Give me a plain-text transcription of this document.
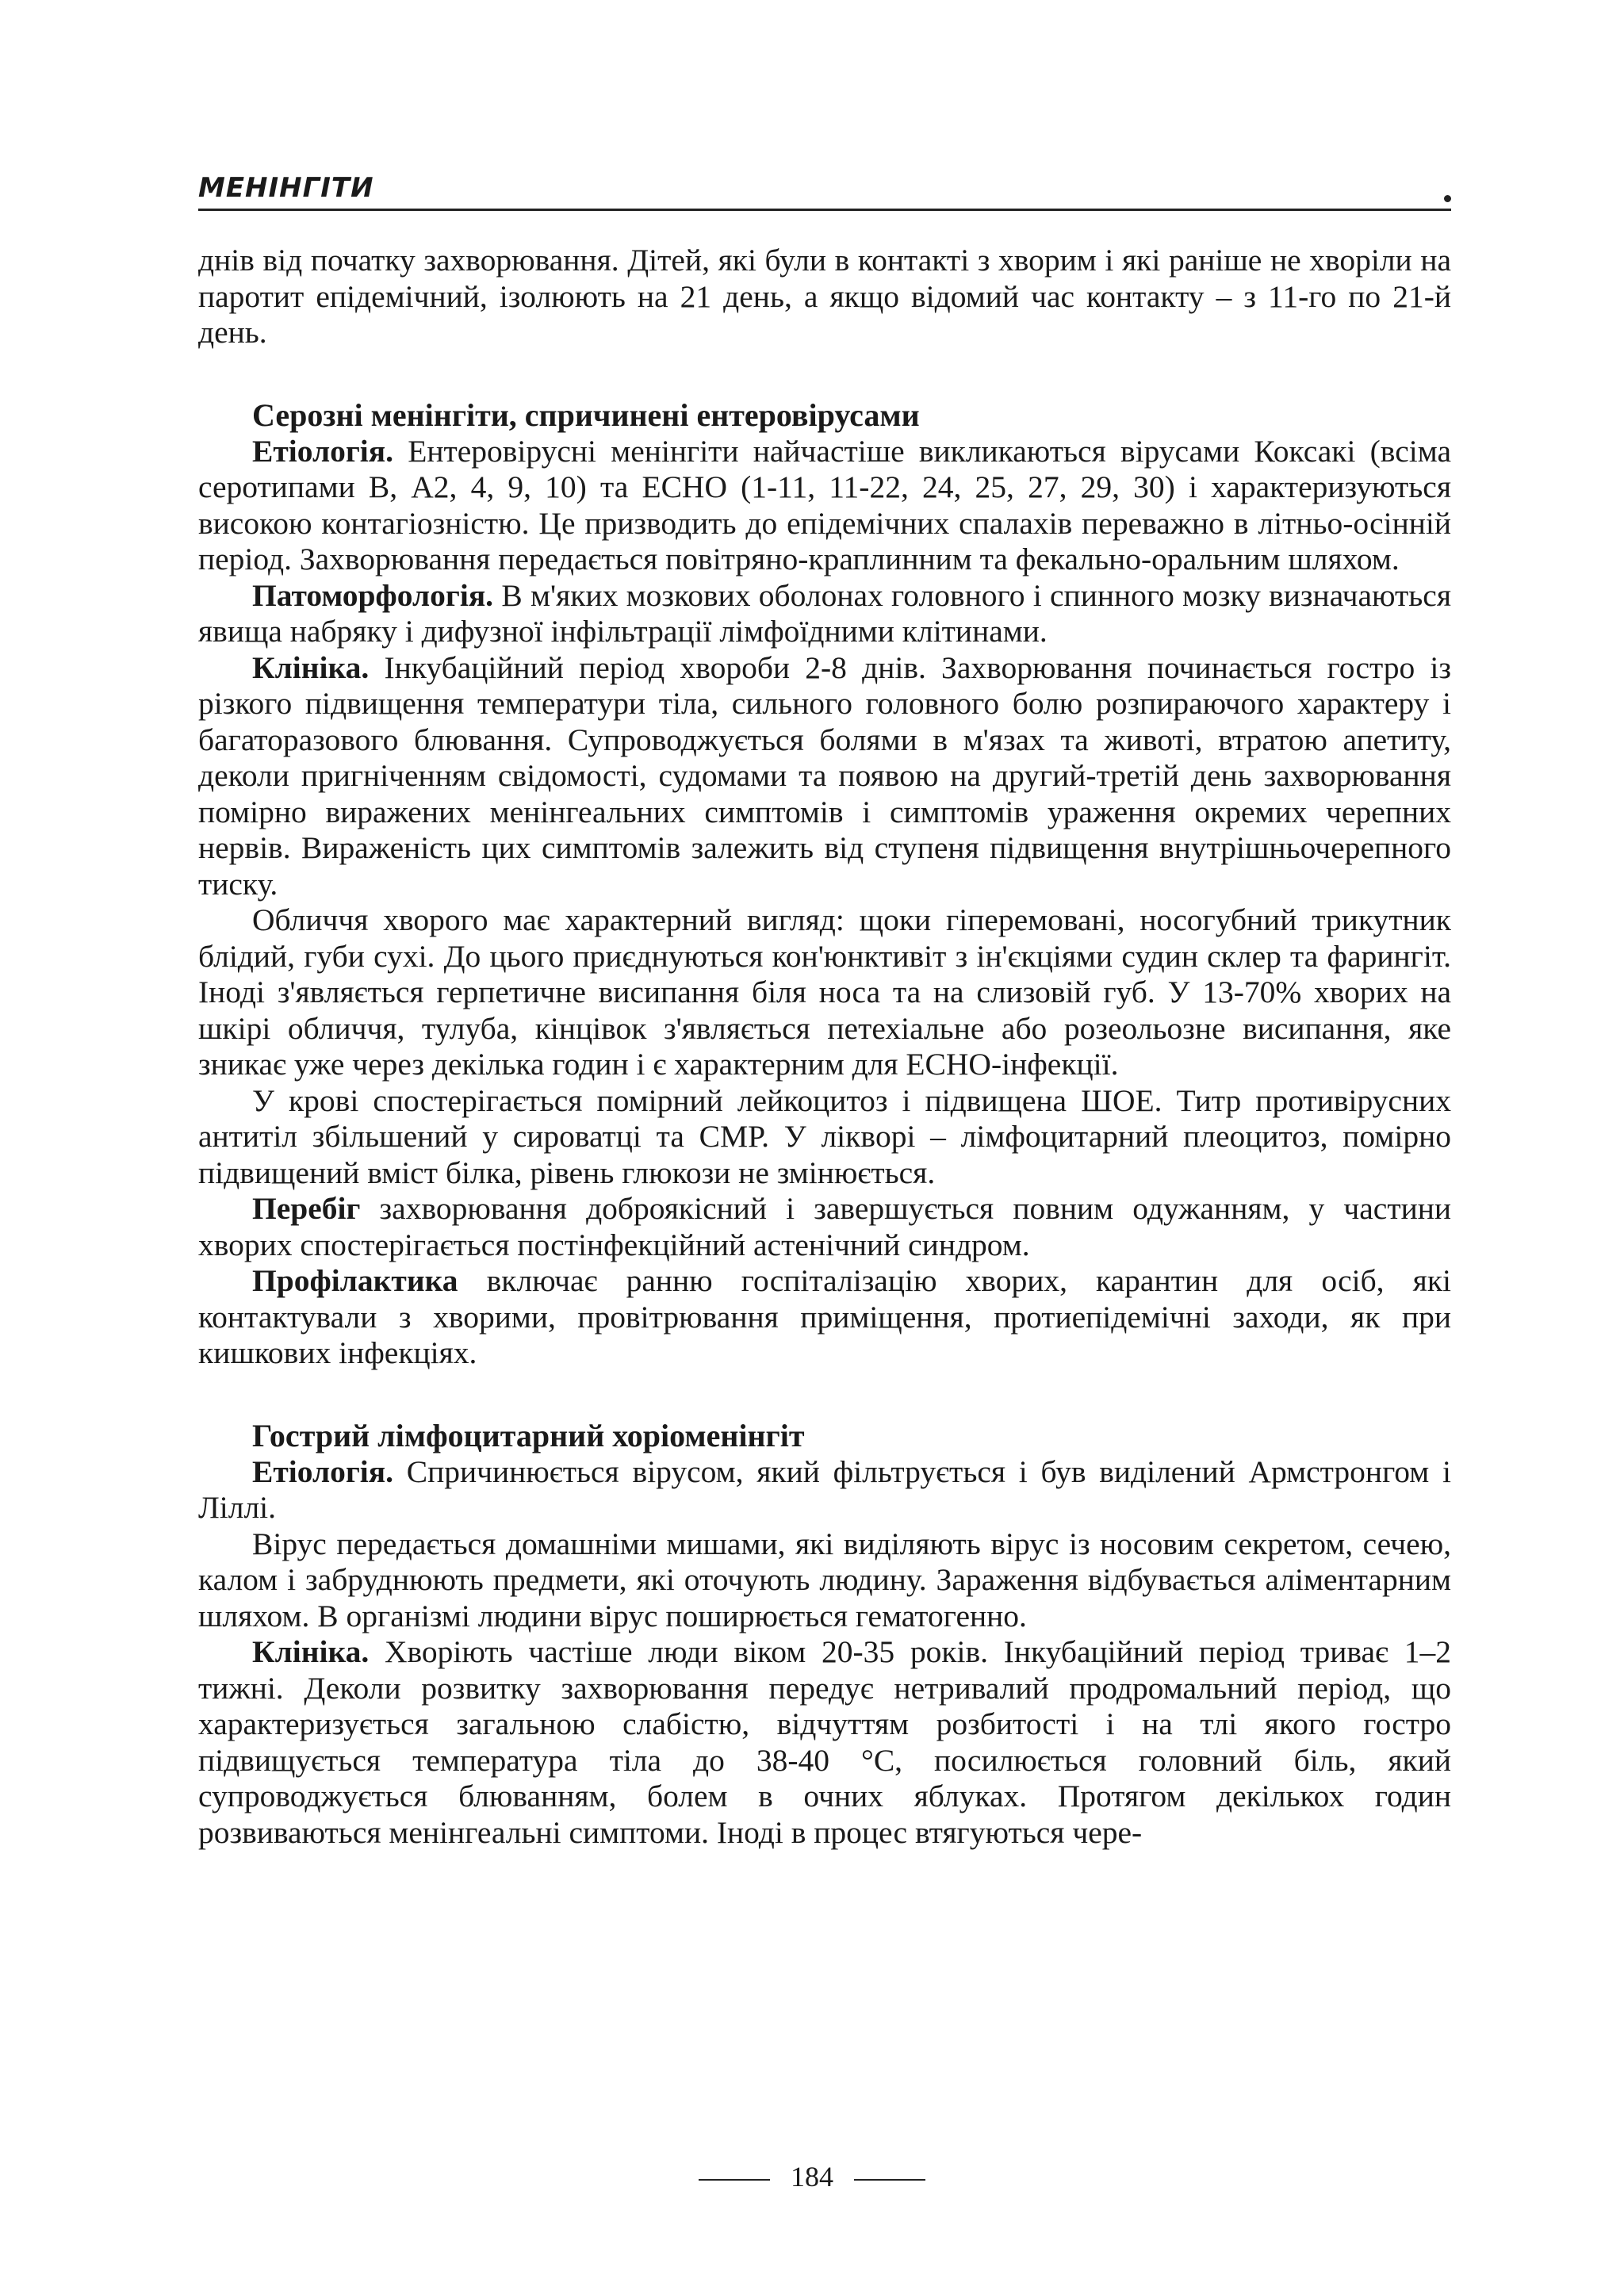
МЕНІНГІТИ

днів від початку захворювання. Дітей, які були в контакті з хворим і які раніше не хворіли на паротит епідемічний, ізолюють на 21 день, а якщо відомий час контакту – з 11-го по 21-й день.

Серозні менінгіти, спричинені ентеровірусами

Етіологія. Ентеровірусні менінгіти найчастіше викликаються вірусами Коксакі (всіма серотипами В, А2, 4, 9, 10) та ЕСНО (1-11, 11-22, 24, 25, 27, 29, 30) і характеризуються високою контагіозністю. Це призводить до епідемічних спалахів переважно в літньо-осінній період. Захворювання передається повітряно-краплинним та фекально-оральним шляхом.

Патоморфологія. В м'яких мозкових оболонах головного і спинного мозку визначаються явища набряку і дифузної інфільтрації лімфоїдними клітинами.

Клініка. Інкубаційний період хвороби 2-8 днів. Захворювання починається гостро із різкого підвищення температури тіла, сильного головного болю розпираючого характеру і багаторазового блювання. Супроводжується болями в м'язах та животі, втратою апетиту, деколи пригніченням свідомості, судомами та появою на другий-третій день захворювання помірно виражених менінгеальних симптомів і симптомів ураження окремих черепних нервів. Вираженість цих симптомів залежить від ступеня підвищення внутрішньочерепного тиску.

Обличчя хворого має характерний вигляд: щоки гіперемовані, носогубний трикутник блідий, губи сухі. До цього приєднуються кон'юнктивіт з ін'єкціями судин склер та фарингіт. Іноді з'являється герпетичне висипання біля носа та на слизовій губ. У 13-70% хворих на шкірі обличчя, тулуба, кінцівок з'являється петехіальне або розеольозне висипання, яке зникає уже через декілька годин і є характерним для ЕСНО-інфекції.

У крові спостерігається помірний лейкоцитоз і підвищена ШОЕ. Титр противірусних антитіл збільшений у сироватці та СМР. У ліквoрі – лімфоцитарний плеоцитоз, помірно підвищений вміст білка, рівень глюкози не змінюється.

Перебіг захворювання доброякісний і завершується повним одужанням, у частини хворих спостерігається постінфекційний астенічний синдром.

Профілактика включає ранню госпіталізацію хворих, карантин для осіб, які контактували з хворими, провітрювання приміщення, протиепідемічні заходи, як при кишкових інфекціях.

Гострий лімфоцитарний хоріоменінгіт

Етіологія. Спричинюється вірусом, який фільтрується і був виділений Армстронгом і Ліллі.

Вірус передається домашніми мишами, які виділяють вірус із носовим секретом, сечею, калом і забруднюють предмети, які оточують людину. Зараження відбувається аліментарним шляхом. В організмі людини вірус поширюється гематогенно.

Клініка. Хворіють частіше люди віком 20-35 років. Інкубаційний період триває 1–2 тижні. Деколи розвитку захворювання передує нетривалий продромальний період, що характеризується загальною слабістю, відчуттям розбитості і на тлі якого гостро підвищується температура тіла до 38-40 °С, посилюється головний біль, який супроводжується блюванням, болем в очних яблуках. Протягом декількох годин розвиваються менінгеальні симптоми. Іноді в процес втягуються чере-

184
